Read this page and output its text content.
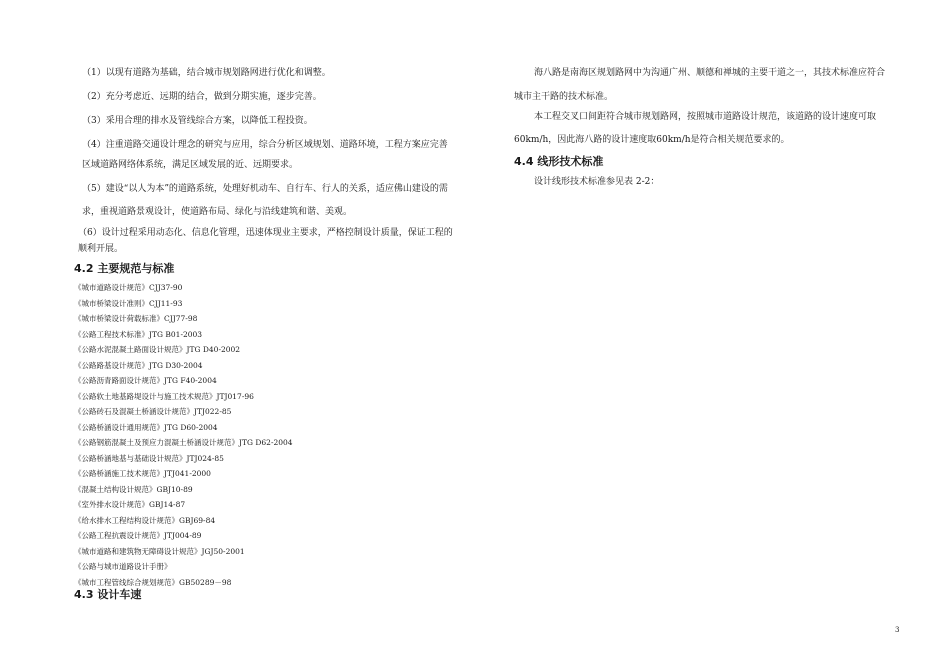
（1）以现有道路为基础，结合城市规划路网进行优化和调整。
（2）充分考虑近、远期的结合，做到分期实施，逐步完善。
（3）采用合理的排水及管线综合方案，以降低工程投资。
（4）注重道路交通设计理念的研究与应用，综合分析区域规划、道路环境，工程方案应完善
区域道路网络体系统，满足区域发展的近、远期要求。
（5）建设“以人为本”的道路系统，处理好机动车、自行车、行人的关系，适应佛山建设的需
求，重视道路景观设计，使道路布局、绿化与沿线建筑和谐、美观。
（6）设计过程采用动态化、信息化管理，迅速体现业主要求，严格控制设计质量，保证工程的
顺利开展。
4.2 主要规范与标准
《城市道路设计规范》CJJ37-90
《城市桥梁设计准则》CJJ11-93
《城市桥梁设计荷载标准》CJJ77-98
《公路工程技术标准》JTG B01-2003
《公路水泥混凝土路面设计规范》JTG D40-2002
《公路路基设计规范》JTG D30-2004
《公路沥青路面设计规范》JTG F40-2004
《公路软土地基路堤设计与施工技术规范》JTJ017-96
《公路砖石及混凝土桥涵设计规范》JTJ022-85
《公路桥涵设计通用规范》JTG D60-2004
《公路钢筋混凝土及预应力混凝土桥涵设计规范》JTG D62-2004
《公路桥涵地基与基础设计规范》JTJ024-85
《公路桥涵施工技术规范》JTJ041-2000
《混凝土结构设计规范》GBJ10-89
《室外排水设计规范》GBJ14-87
《给水排水工程结构设计规范》GBJ69-84
《公路工程抗震设计规范》JTJ004-89
《城市道路和建筑物无障碍设计规范》JGJ50-2001
《公路与城市道路设计手册》
《城市工程管线综合规划规范》GB50289－98
4.3 设计车速
海八路是南海区规划路网中为沟通广州、顺德和禅城的主要干道之一，其技术标准应符合
城市主干路的技术标准。
本工程交叉口间距符合城市规划路网，按照城市道路设计规范，该道路的设计速度可取
60km/h，因此海八路的设计速度取60km/h是符合相关规范要求的。
4.4 线形技术标准
设计线形技术标准参见表 2-2：
3
